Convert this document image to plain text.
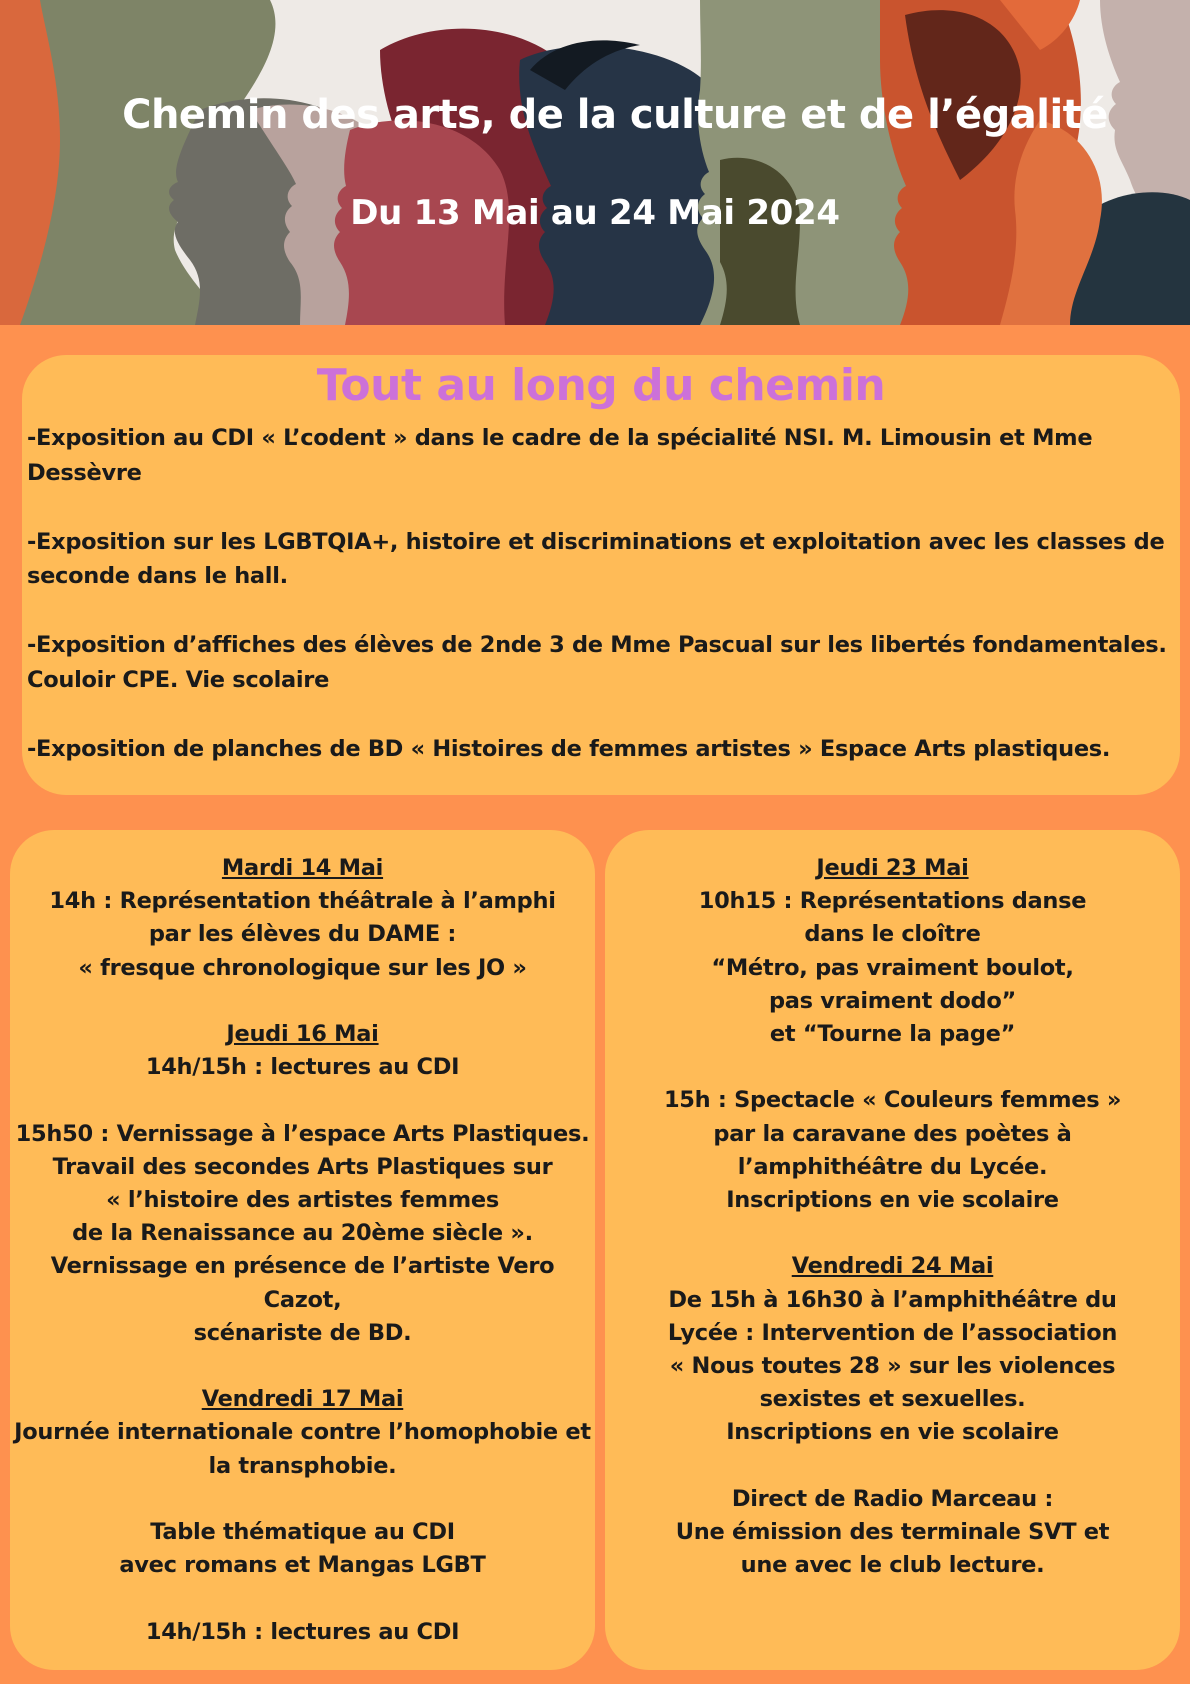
Chemin des arts, de la culture et de l’égalité
Du 13 Mai au 24 Mai 2024
Tout au long du chemin

-Exposition au CDI « L’codent » dans le cadre de la spécialité NSI. M. Limousin et Mme Dessèvre

-Exposition sur les LGBTQIA+, histoire et discriminations et exploitation avec les classes de seconde dans le hall.

-Exposition d’affiches des élèves de 2nde 3 de Mme Pascual sur les libertés fondamentales. Couloir CPE. Vie scolaire

-Exposition de planches de BD « Histoires de femmes artistes » Espace Arts plastiques.

Mardi 14 Mai

14h : Représentation théâtrale à l’amphi

par les élèves du DAME :

« fresque chronologique sur les JO »

Jeudi 16 Mai

14h/15h : lectures au CDI

15h50 : Vernissage à l’espace Arts Plastiques.

Travail des secondes Arts Plastiques sur

« l’histoire des artistes femmes

de la Renaissance au 20ème siècle ».

Vernissage en présence de l’artiste Vero Cazot,

scénariste de BD.

Vendredi 17 Mai

Journée internationale contre l’homophobie et

la transphobie.

Table thématique au CDI

avec romans et Mangas LGBT

14h/15h : lectures au CDI

Jeudi 23 Mai

10h15 : Représentations danse

dans le cloître

“Métro, pas vraiment boulot,

pas vraiment dodo”

et “Tourne la page”

15h : Spectacle « Couleurs femmes »

par la caravane des poètes à

l’amphithéâtre du Lycée.

Inscriptions en vie scolaire

Vendredi 24 Mai

De 15h à 16h30 à l’amphithéâtre du

Lycée : Intervention de l’association

« Nous toutes 28 » sur les violences

sexistes et sexuelles.

Inscriptions en vie scolaire

Direct de Radio Marceau :

Une émission des terminale SVT et

une avec le club lecture.
